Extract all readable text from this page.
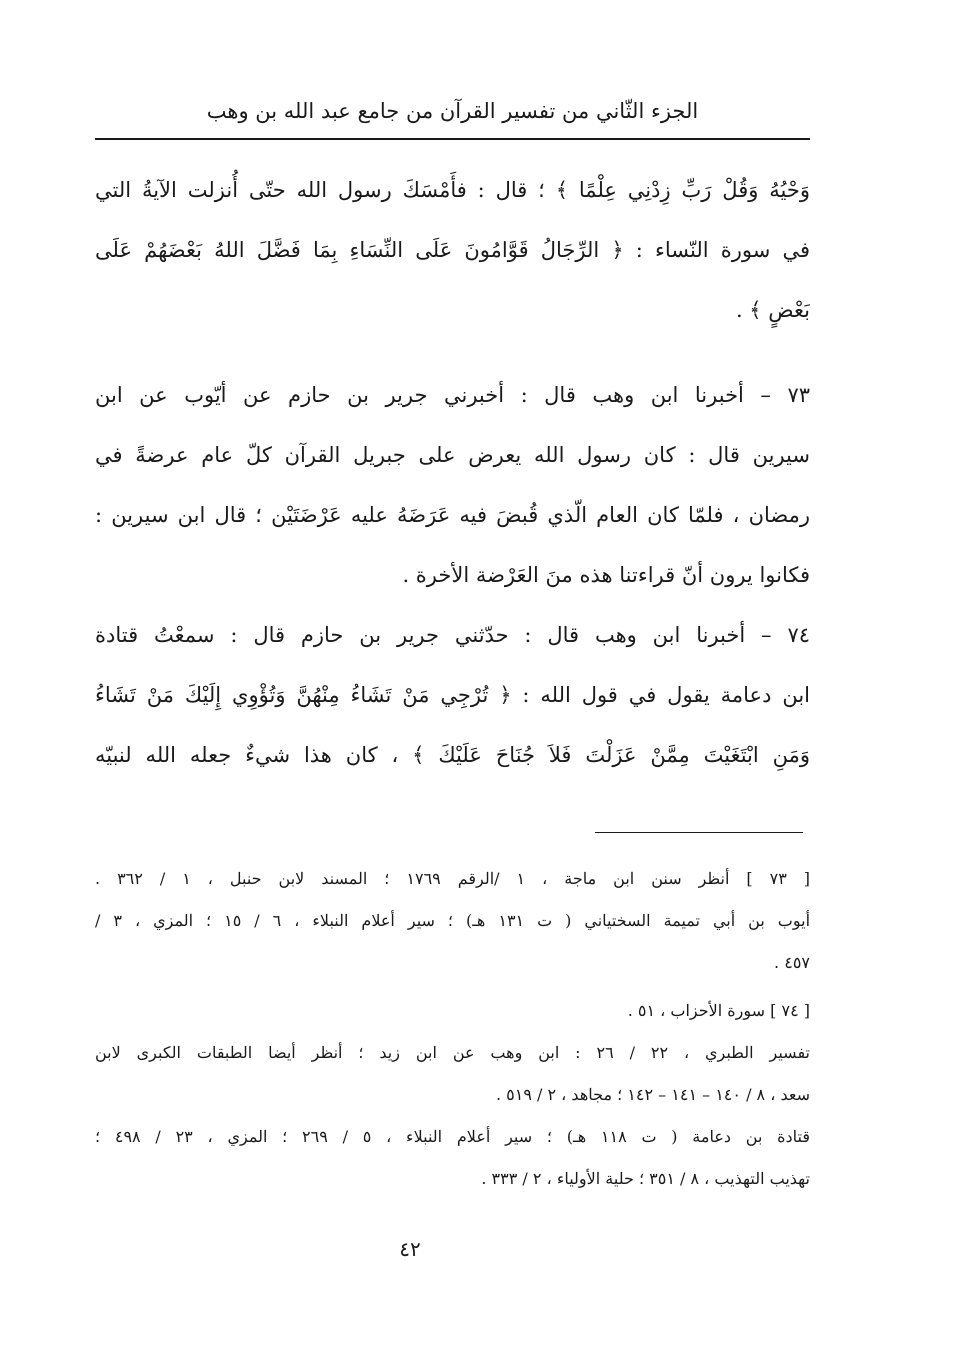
الجزء الثّاني من تفسير القرآن من جامع عبد الله بن وهب
وَحْيُهُ وَقُلْ رَبِّ زِدْنِي عِلْمًا ﴾ ؛ قال : فأَمْسَكَ رسول الله حتّى أُنزلت الآيةُ التي
في سورة النّساء : ﴿ الرِّجَالُ قَوَّامُونَ عَلَى النِّسَاءِ بِمَا فَضَّلَ اللهُ بَعْضَهُمْ عَلَى
بَعْضٍ ﴾ .
٧٣ – أخبرنا ابن وهب قال : أخبرني جرير بن حازم عن أيّوب عن ابن
سيرين قال : كان رسول الله يعرض على جبريل القرآن كلّ عام عرضةً في
رمضان ، فلمّا كان العام الّذي قُبضَ فيه عَرَضَهُ عليه عَرْضَتَيْن ؛ قال ابن سيرين :
فكانوا يرون أنّ قراءتنا هذه منَ العَرْضة الأخرة .
٧٤ – أخبرنا ابن وهب قال : حدّثني جرير بن حازم قال : سمعْتُ قتادة
ابن دعامة يقول في قول الله : ﴿ تُرْجِي مَنْ تَشَاءُ مِنْهُنَّ وَتُؤْوِي إِلَيْكَ مَنْ تَشَاءُ
وَمَنِ ابْتَغَيْتَ مِمَّنْ عَزَلْتَ فَلاَ جُنَاحَ عَلَيْكَ ﴾ ، كان هذا شيءٌ جعله الله لنبيّه
[ ٧٣ ] أنظر سنن ابن ماجة ، ١ /الرقم ١٧٦٩ ؛ المسند لابن حنبل ، ١ / ٣٦٢ .
أيوب بن أبي تميمة السختياني ( ت ١٣١ هـ) ؛ سير أعلام النبلاء ، ٦ / ١٥ ؛ المزي ، ٣ /
٤٥٧ .
[ ٧٤ ] سورة الأحزاب ، ٥١ .
تفسير الطبري ، ٢٢ / ٢٦ : ابن وهب عن ابن زيد ؛ أنظر أيضا الطبقات الكبرى لابن
سعد ، ٨ / ١٤٠ – ١٤١ – ١٤٢ ؛ مجاهد ، ٢ / ٥١٩ .
قتادة بن دعامة ( ت ١١٨ هـ) ؛ سير أعلام النبلاء ، ٥ / ٢٦٩ ؛ المزي ، ٢٣ / ٤٩٨ ؛
تهذيب التهذيب ، ٨ / ٣٥١ ؛ حلية الأولياء ، ٢ / ٣٣٣ .
٤٢
